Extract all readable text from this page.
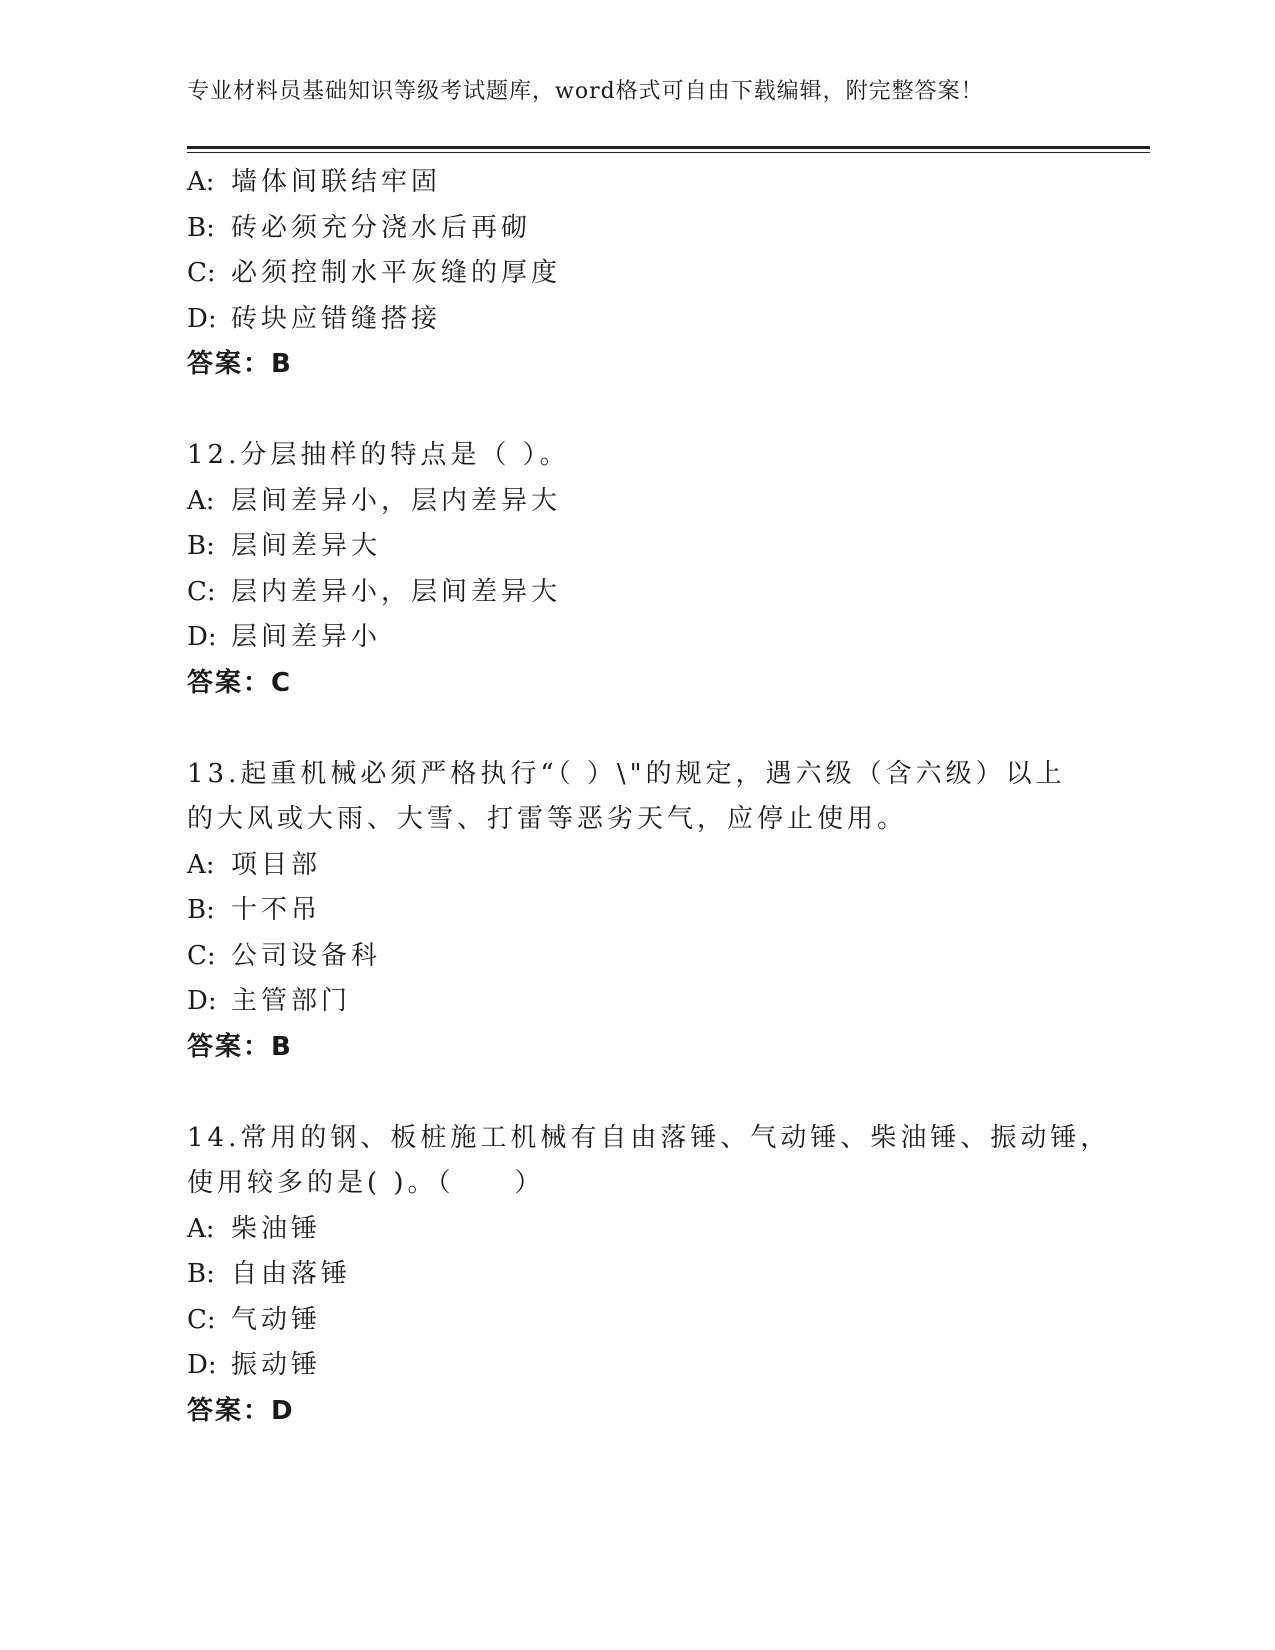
专业材料员基础知识等级考试题库，word格式可自由下载编辑，附完整答案！
A: 墙体间联结牢固
B: 砖必须充分浇水后再砌
C: 必须控制水平灰缝的厚度
D: 砖块应错缝搭接
答案：B
12.分层抽样的特点是（ ）。
A: 层间差异小，层内差异大
B: 层间差异大
C: 层内差异小，层间差异大
D: 层间差异小
答案：C
13.起重机械必须严格执行“（ ）\"的规定，遇六级（含六级）以上
的大风或大雨、大雪、打雷等恶劣天气，应停止使用。
A: 项目部
B: 十不吊
C: 公司设备科
D: 主管部门
答案：B
14.常用的钢、板桩施工机械有自由落锤、气动锤、柴油锤、振动锤，
使用较多的是( )。（　　）
A: 柴油锤
B: 自由落锤
C: 气动锤
D: 振动锤
答案：D
